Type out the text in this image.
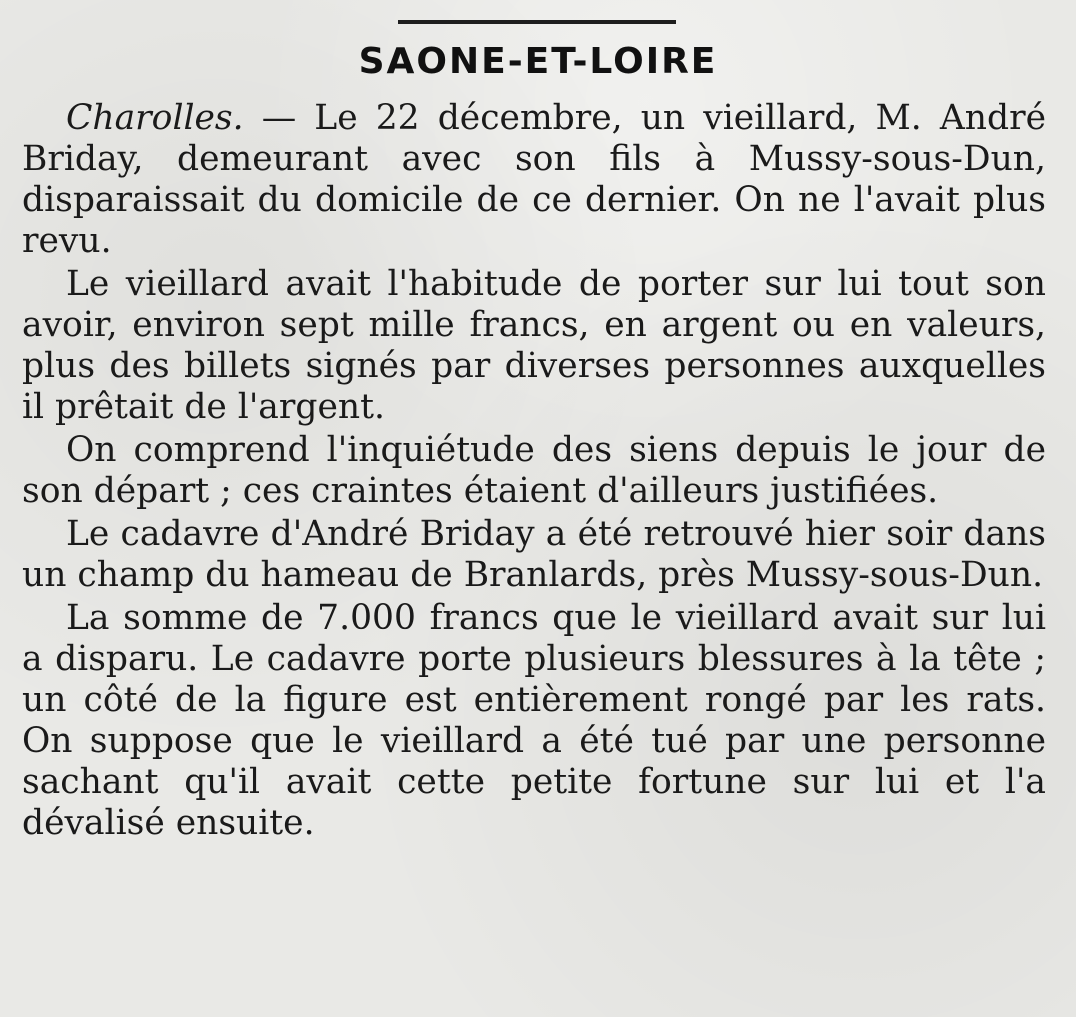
SAONE-ET-LOIRE

Charolles. — Le 22 décembre, un vieillard, M. André Briday, demeurant avec son fils à Mussy-sous-Dun, disparaissait du domicile de ce dernier. On ne l'avait plus revu.

Le vieillard avait l'habitude de porter sur lui tout son avoir, environ sept mille francs, en argent ou en valeurs, plus des billets signés par diverses personnes auxquelles il prêtait de l'argent.

On comprend l'inquiétude des siens depuis le jour de son départ ; ces craintes étaient d'ailleurs justifiées.

Le cadavre d'André Briday a été retrouvé hier soir dans un champ du hameau de Branlards, près Mussy-sous-Dun.

La somme de 7.000 francs que le vieillard avait sur lui a disparu. Le cadavre porte plusieurs blessures à la tête ; un côté de la figure est entièrement rongé par les rats. On suppose que le vieillard a été tué par une personne sachant qu'il avait cette petite fortune sur lui et l'a dévalisé ensuite.
